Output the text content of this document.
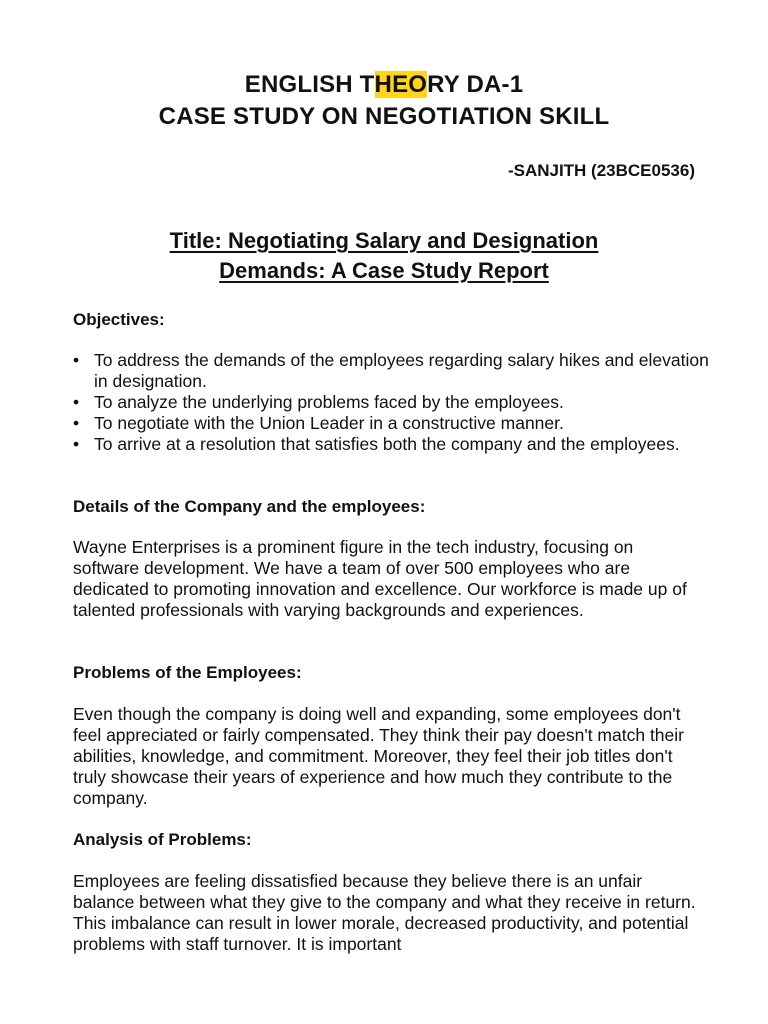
ENGLISH THEORY DA-1
CASE STUDY ON NEGOTIATION SKILL
-SANJITH (23BCE0536)
Title: Negotiating Salary and Designation
Demands: A Case Study Report
Objectives:
• To address the demands of the employees regarding salary hikes and elevation in designation.
• To analyze the underlying problems faced by the employees.
• To negotiate with the Union Leader in a constructive manner.
• To arrive at a resolution that satisfies both the company and the employees.
Details of the Company and the employees:

Wayne Enterprises is a prominent figure in the tech industry, focusing on software development. We have a team of over 500 employees who are dedicated to promoting innovation and excellence. Our workforce is made up of talented professionals with varying backgrounds and experiences.

Problems of the Employees:

Even though the company is doing well and expanding, some employees don't feel appreciated or fairly compensated. They think their pay doesn't match their abilities, knowledge, and commitment. Moreover, they feel their job titles don't truly showcase their years of experience and how much they contribute to the company.

Analysis of Problems:

Employees are feeling dissatisfied because they believe there is an unfair balance between what they give to the company and what they receive in return. This imbalance can result in lower morale, decreased productivity, and potential problems with staff turnover. It is important
